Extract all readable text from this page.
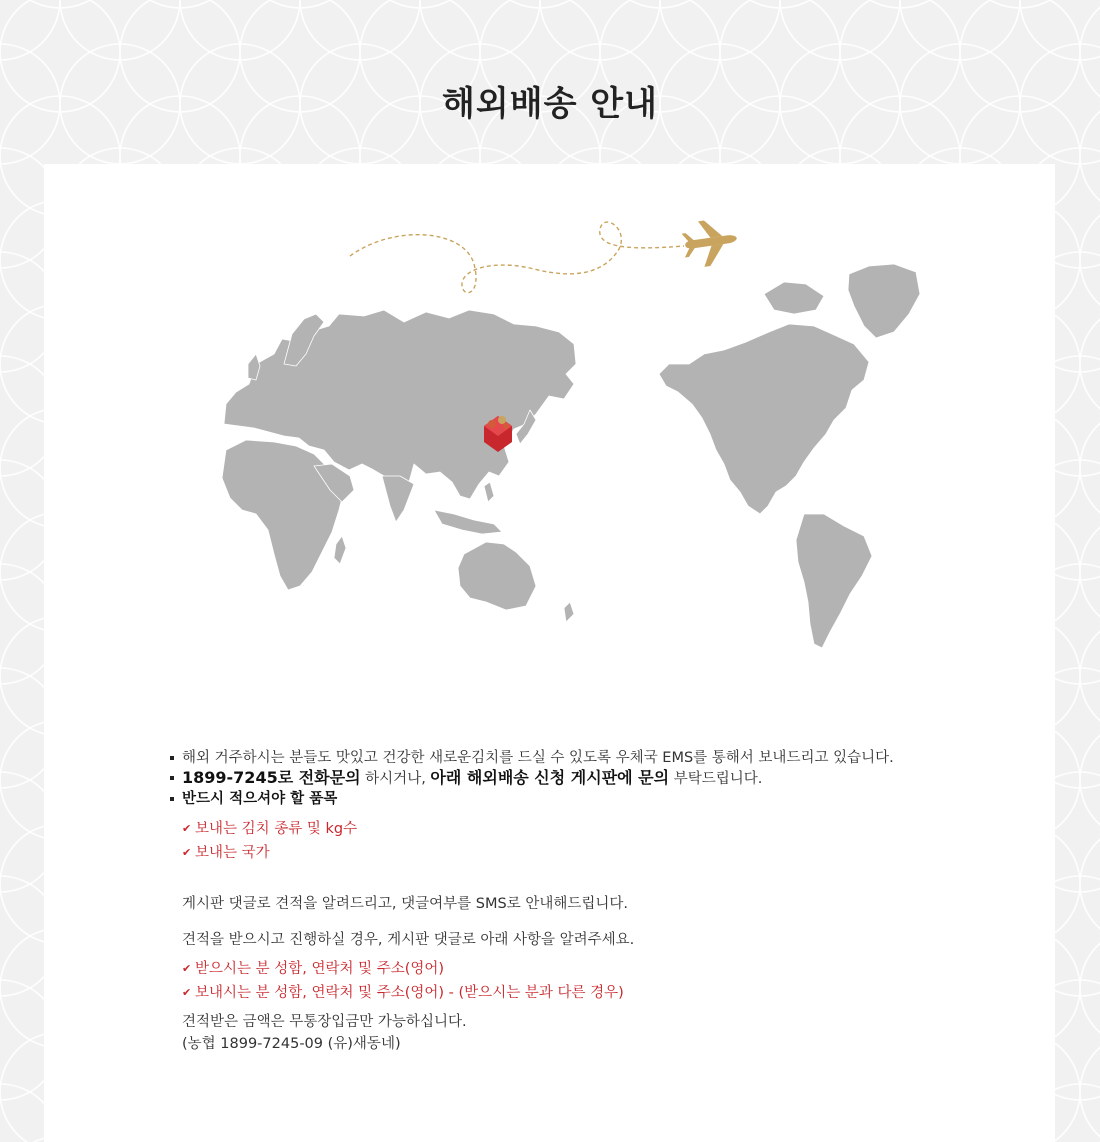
해외배송 안내
해외 거주하시는 분들도 맛있고 건강한 새로운김치를 드실 수 있도록 우체국 EMS를 통해서 보내드리고 있습니다.
1899-7245로 전화문의 하시거나, 아래 해외배송 신청 게시판에 문의 부탁드립니다.
반드시 적으셔야 할 품목
✔ 보내는 김치 종류 및 kg수
✔ 보내는 국가
게시판 댓글로 견적을 알려드리고, 댓글여부를 SMS로 안내해드립니다.
견적을 받으시고 진행하실 경우, 게시판 댓글로 아래 사항을 알려주세요.
✔ 받으시는 분 성함, 연락처 및 주소(영어)
✔ 보내시는 분 성함, 연락처 및 주소(영어) - (받으시는 분과 다른 경우)
견적받은 금액은 무통장입금만 가능하십니다.
(농협 1899-7245-09 (유)새동네)
